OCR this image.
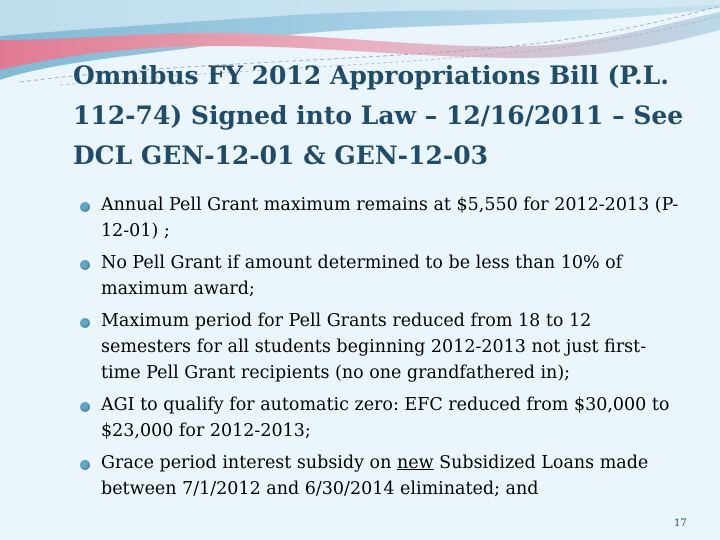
Omnibus FY 2012 Appropriations Bill (P.L. 112-74) Signed into Law – 12/16/2011 – See DCL GEN-12-01 & GEN-12-03
Annual Pell Grant maximum remains at $5,550 for 2012-2013 (P-12-01) ;
No Pell Grant if amount determined to be less than 10% of maximum award;
Maximum period for Pell Grants reduced from 18 to 12 semesters for all students beginning 2012-2013 not just first-time Pell Grant recipients (no one grandfathered in);
AGI to qualify for automatic zero: EFC reduced from $30,000 to $23,000 for 2012-2013;
Grace period interest subsidy on new Subsidized Loans made between 7/1/2012 and 6/30/2014 eliminated; and
17
